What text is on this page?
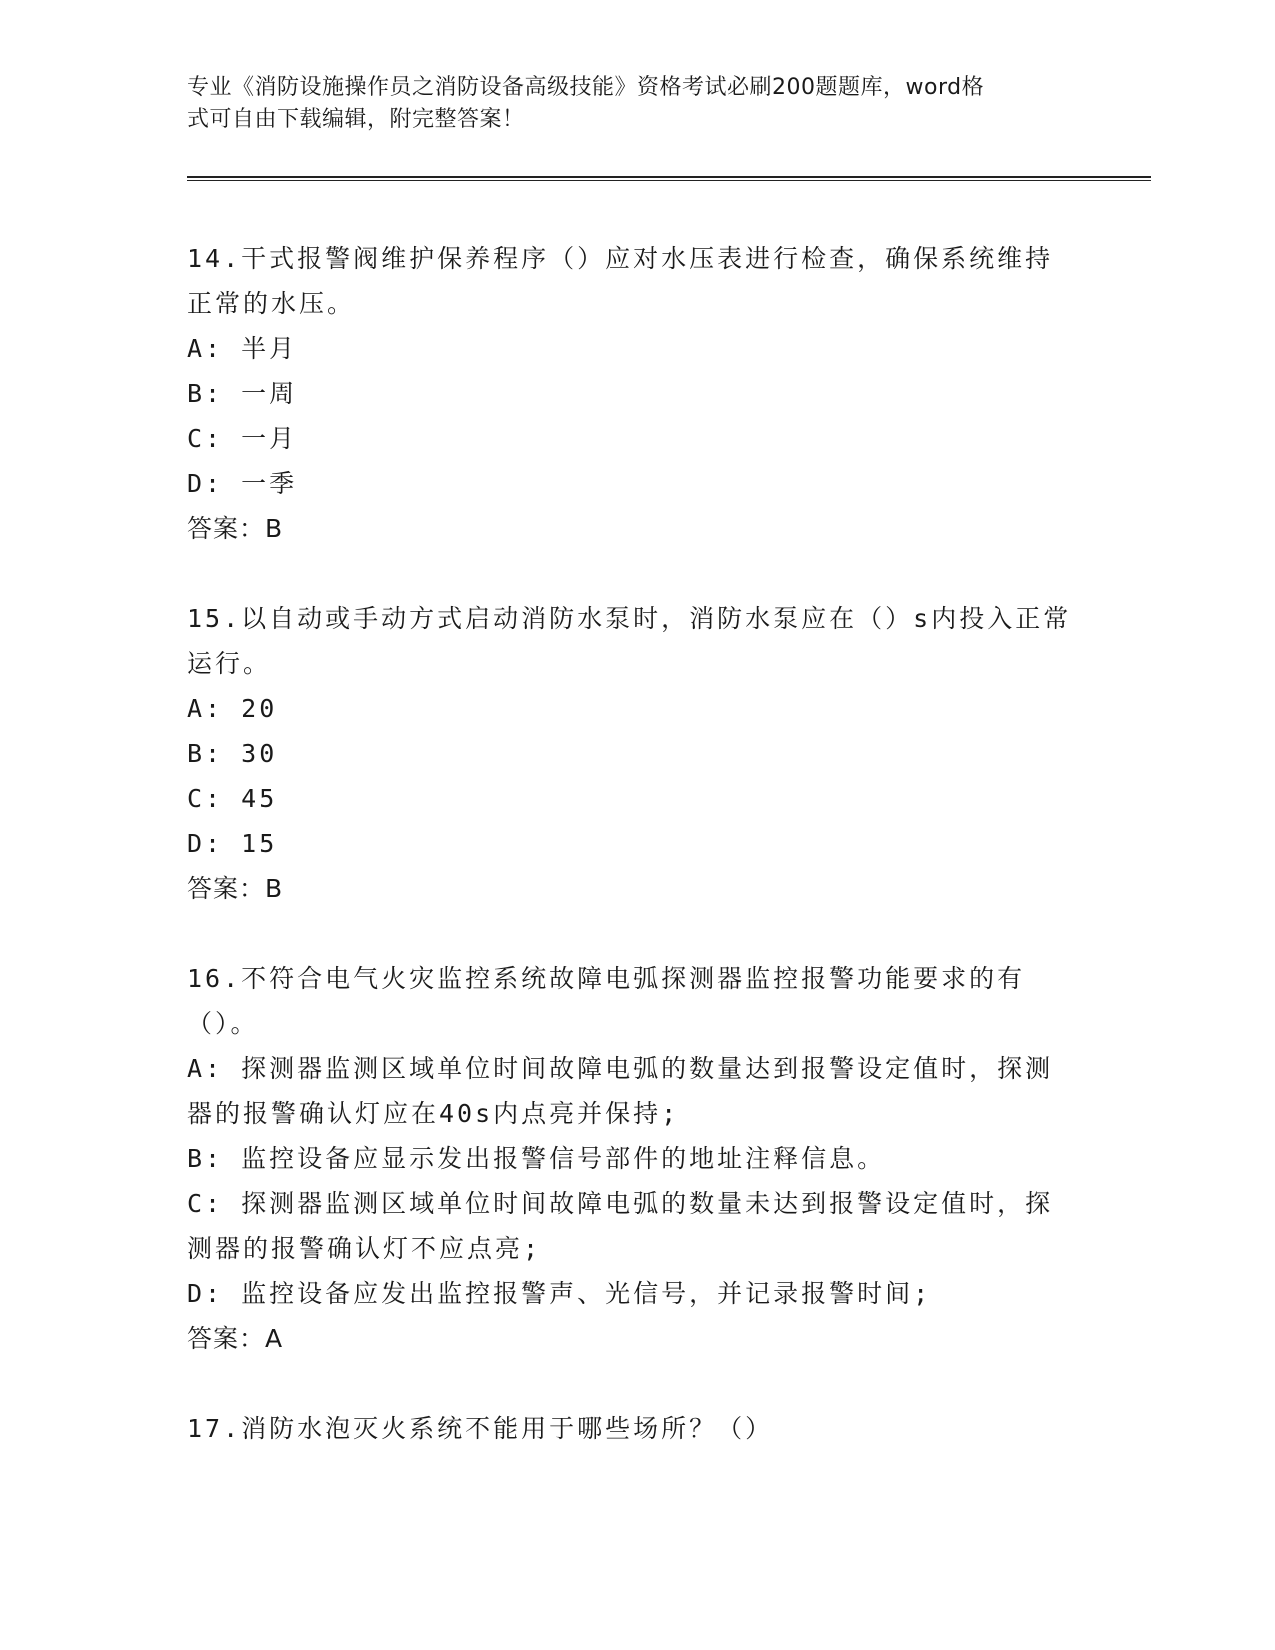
专业《消防设施操作员之消防设备高级技能》资格考试必刷200题题库，word格
式可自由下载编辑，附完整答案！

14.干式报警阀维护保养程序（）应对水压表进行检查，确保系统维持正常的水压。

A: 半月

B: 一周

C: 一月

D: 一季

答案：B

15.以自动或手动方式启动消防水泵时，消防水泵应在（）s内投入正常运行。

A: 20

B: 30

C: 45

D: 15

答案：B

16.不符合电气火灾监控系统故障电弧探测器监控报警功能要求的有（）。

A: 探测器监测区域单位时间故障电弧的数量达到报警设定值时，探测器的报警确认灯应在40s内点亮并保持;

B: 监控设备应显示发出报警信号部件的地址注释信息。

C: 探测器监测区域单位时间故障电弧的数量未达到报警设定值时，探测器的报警确认灯不应点亮;

D: 监控设备应发出监控报警声、光信号，并记录报警时间;

答案：A

17.消防水泡灭火系统不能用于哪些场所？（）
